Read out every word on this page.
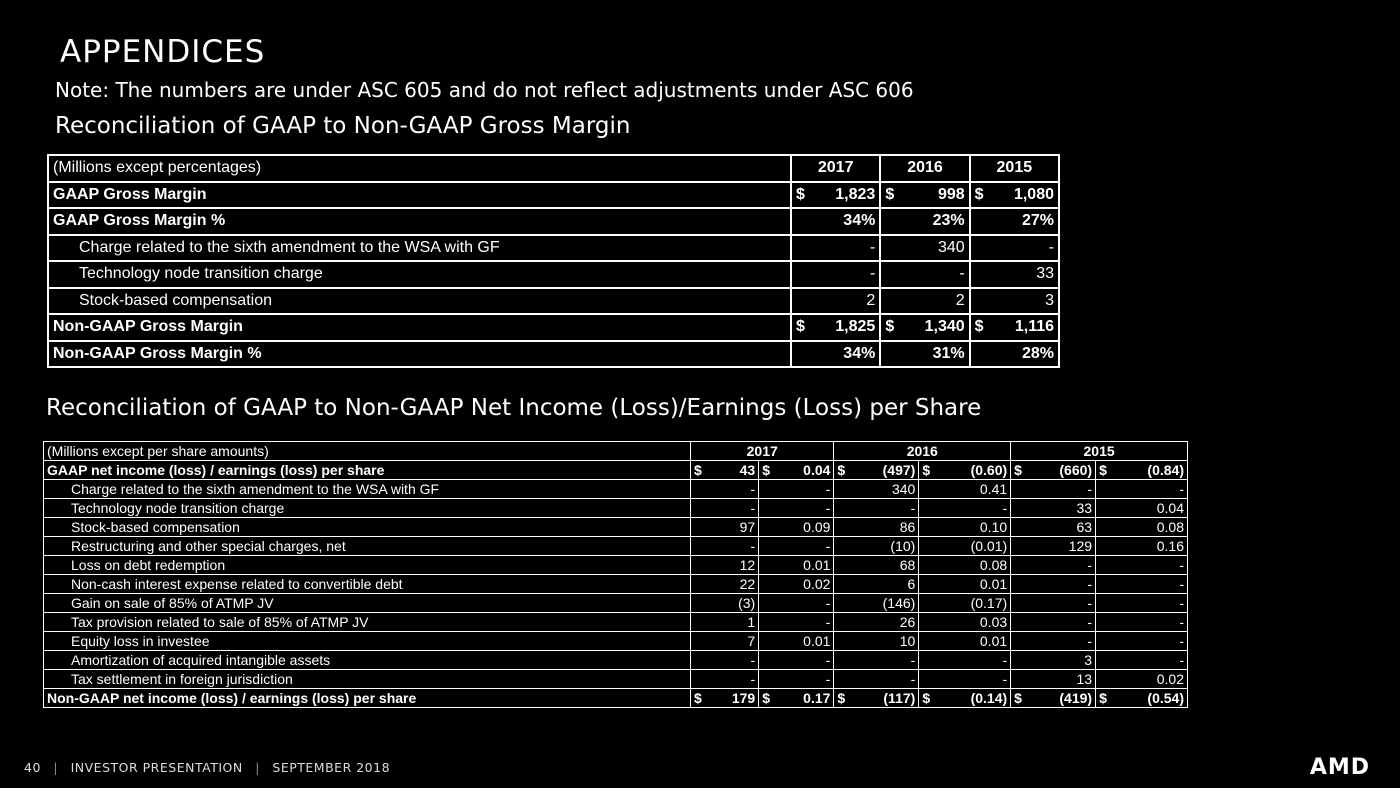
APPENDICES
Note: The numbers are under ASC 605 and do not reflect adjustments under ASC 606
Reconciliation of GAAP to Non-GAAP Gross Margin
(Millions except percentages)	2017	2016	2015
GAAP Gross Margin	$ 1,823	$ 998	$ 1,080

GAAP Gross Margin %	34%	23%	27%
Charge related to the sixth amendment to the WSA with GF	-	340	-
Technology node transition charge	-	-	33
Stock-based compensation	2	2	3
Non-GAAP Gross Margin	$ 1,825	$ 1,340	$ 1,116

Non-GAAP Gross Margin %	34%	31%	28%
Reconciliation of GAAP to Non-GAAP Net Income (Loss)/Earnings (Loss) per Share
(Millions except per share amounts)	2017		2016		2015	
GAAP net income (loss) / earnings (loss) per share	$ 43	$ 0.04	$ (497)	$ (0.60)	$ (660)	$ (0.84)

Charge related to the sixth amendment to the WSA with GF	-	-	340	0.41	-	-
Technology node transition charge	-	-	-	-	33	0.04
Stock-based compensation	97	0.09	86	0.10	63	0.08
Restructuring and other special charges, net	-	-	(10)	(0.01)	129	0.16
Loss on debt redemption	12	0.01	68	0.08	-	-
Non-cash interest expense related to convertible debt	22	0.02	6	0.01	-	-
Gain on sale of 85% of ATMP JV	(3)	-	(146)	(0.17)	-	-
Tax provision related to sale of 85% of ATMP JV	1	-	26	0.03	-	-
Equity loss in investee	7	0.01	10	0.01	-	-
Amortization of acquired intangible assets	-	-	-	-	3	-
Tax settlement in foreign jurisdiction	-	-	-	-	13	0.02
Non-GAAP net income (loss) / earnings (loss) per share	$ 179	$ 0.17	$ (117)	$ (0.14)	$ (419)	$ (0.54)
40 | INVESTOR PRESENTATION | SEPTEMBER 2018	AMD
